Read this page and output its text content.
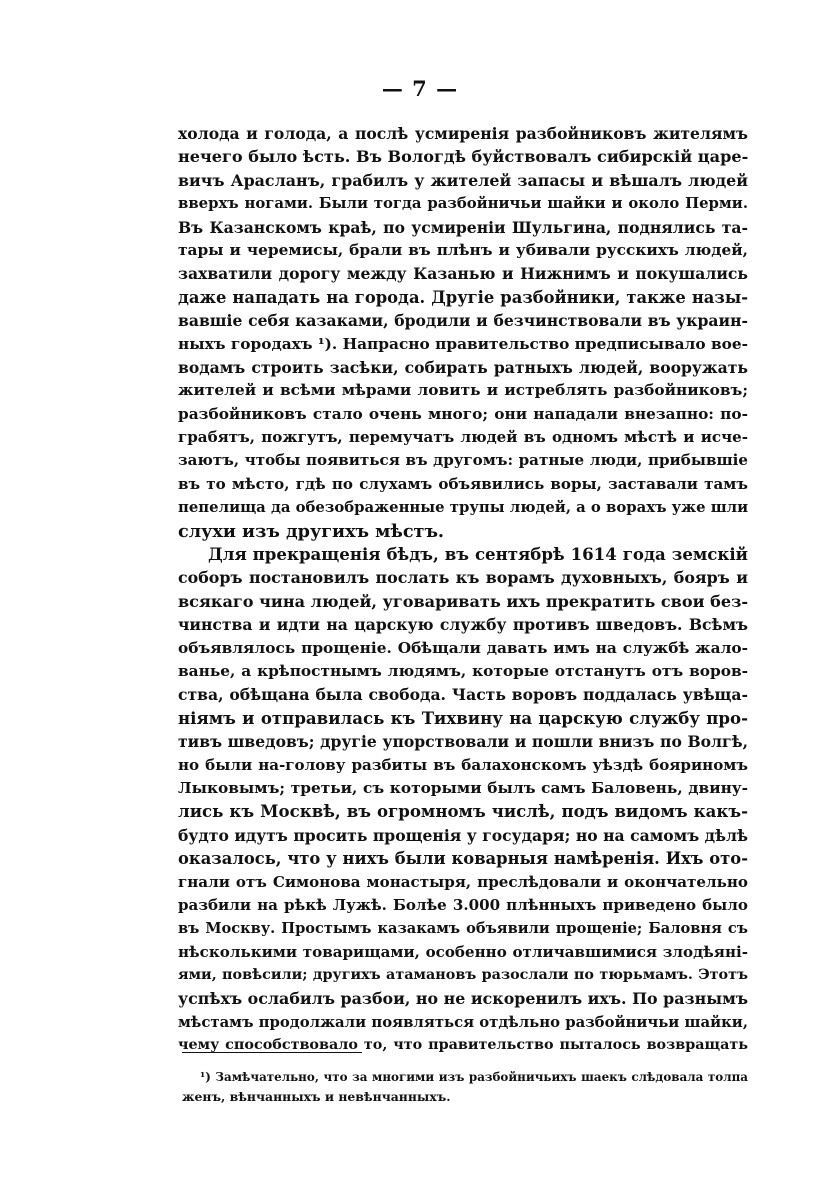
— 7 —
холода и голода, а послѣ усмиренія разбойниковъ жителямъ
нечего было ѣсть. Въ Вологдѣ буйствовалъ сибирскій царе-
вичъ Арасланъ, грабилъ у жителей запасы и вѣшалъ людей
вверхъ ногами. Были тогда разбойничьи шайки и около Перми.
Въ Казанскомъ краѣ, по усмиреніи Шульгина, поднялись та-
тары и черемисы, брали въ плѣнъ и убивали русскихъ людей,
захватили дорогу между Казанью и Нижнимъ и покушались
даже нападать на города. Другіе разбойники, также назы-
вавшіе себя казаками, бродили и безчинствовали въ украин-
ныхъ городахъ ¹). Напрасно правительство предписывало вое-
водамъ строить засѣки, собирать ратныхъ людей, вооружать
жителей и всѣми мѣрами ловить и истреблять разбойниковъ;
разбойниковъ стало очень много; они нападали внезапно: по-
грабятъ, пожгутъ, перемучатъ людей въ одномъ мѣстѣ и исче-
заютъ, чтобы появиться въ другомъ: ратные люди, прибывшіе
въ то мѣсто, гдѣ по слухамъ объявились воры, заставали тамъ
пепелища да обезображенные трупы людей, а о ворахъ уже шли
слухи изъ другихъ мѣстъ.
Для прекращенія бѣдъ, въ сентябрѣ 1614 года земскій
соборъ постановилъ послать къ ворамъ духовныхъ, бояръ и
всякаго чина людей, уговаривать ихъ прекратить свои без-
чинства и идти на царскую службу противъ шведовъ. Всѣмъ
объявлялось прощеніе. Обѣщали давать имъ на службѣ жало-
ванье, а крѣпостнымъ людямъ, которые отстанутъ отъ воров-
ства, обѣщана была свобода. Часть воровъ поддалась увѣща-
ніямъ и отправилась къ Тихвину на царскую службу про-
тивъ шведовъ; другіе упорствовали и пошли внизъ по Волгѣ,
но были на-голову разбиты въ балахонскомъ уѣздѣ бояриномъ
Лыковымъ; третьи, съ которыми былъ самъ Баловень, двину-
лись къ Москвѣ, въ огромномъ числѣ, подъ видомъ какъ-
будто идутъ просить прощенія у государя; но на самомъ дѣлѣ
оказалось, что у нихъ были коварныя намѣренія. Ихъ ото-
гнали отъ Симонова монастыря, преслѣдовали и окончательно
разбили на рѣкѣ Лужѣ. Болѣе 3.000 плѣнныхъ приведено было
въ Москву. Простымъ казакамъ объявили прощеніе; Баловня съ
нѣсколькими товарищами, особенно отличавшимися злодѣяні-
ями, повѣсили; другихъ атамановъ разослали по тюрьмамъ. Этотъ
успѣхъ ослабилъ разбои, но не искоренилъ ихъ. По разнымъ
мѣстамъ продолжали появляться отдѣльно разбойничьи шайки,
чему способствовало то, что правительство пыталось возвращать
¹) Замѣчательно, что за многими изъ разбойничьихъ шаекъ слѣдовала толпа
женъ, вѣнчанныхъ и невѣнчанныхъ.
